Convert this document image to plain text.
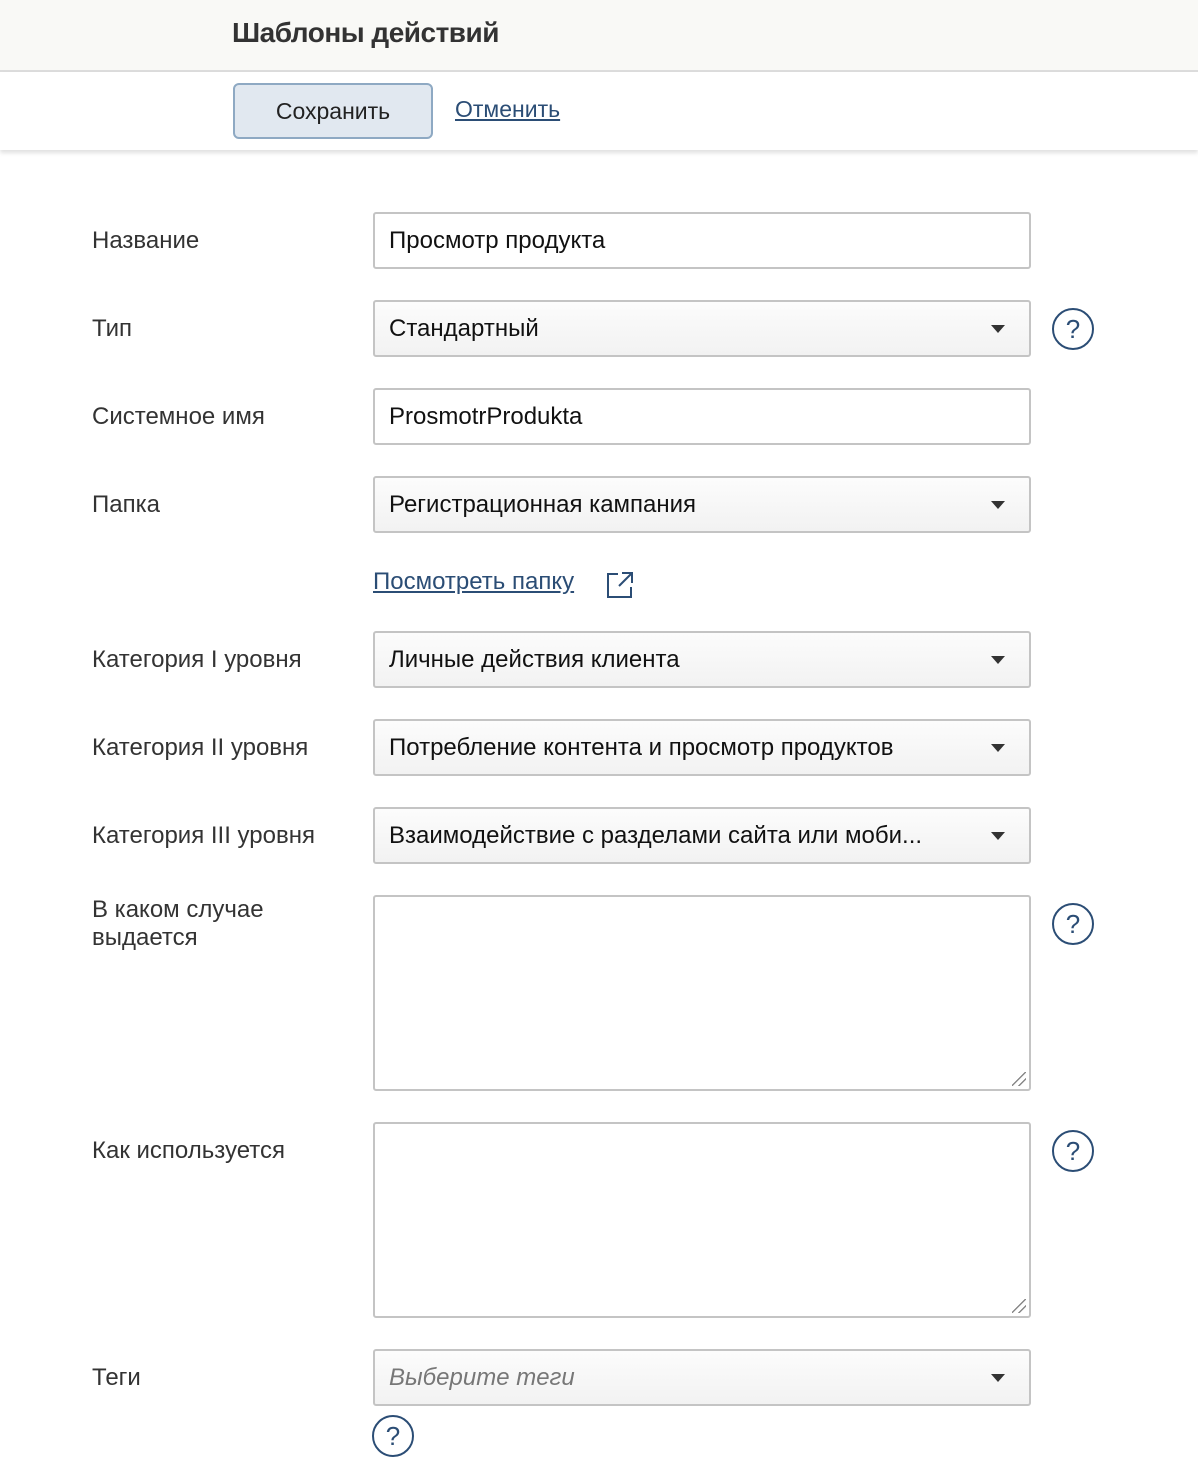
Шаблоны действий
Сохранить	Отменить
Название	Просмотр продукта
Тип	Стандартный	?
Системное имя	ProsmotrProdukta
Папка	Регистрационная кампания
Посмотреть папку
Категория I уровня	Личные действия клиента
Категория II уровня	Потребление контента и просмотр продуктов
Категория III уровня	Взаимодействие с разделами сайта или моби...
В каком случае выдается	?
Как используется	?
Теги	Выберите теги
?
